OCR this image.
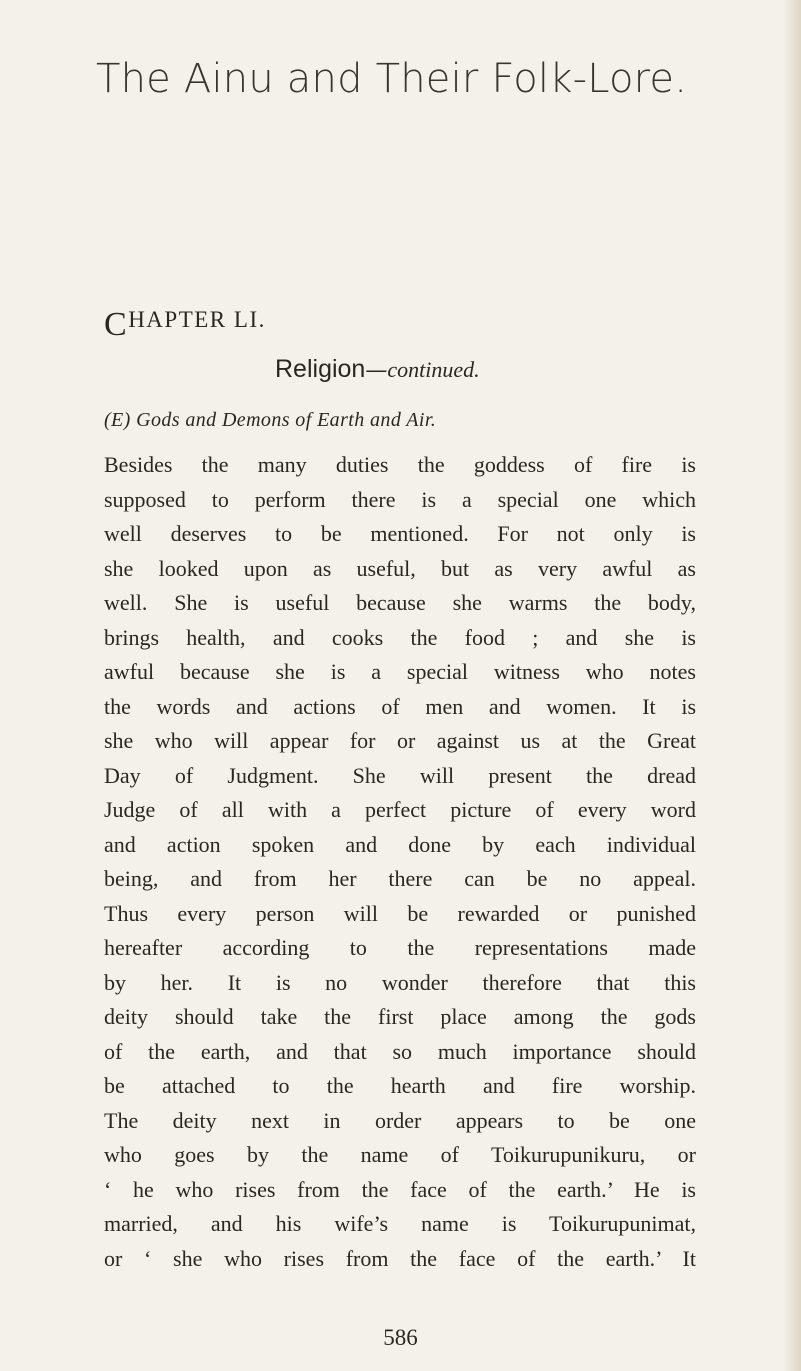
The Ainu and Their Folk-Lore.
CHAPTER LI.
Religion—continued.
(E) Gods and Demons of Earth and Air.
Besides the many duties the goddess of fire is
supposed to perform there is a special one which
well deserves to be mentioned. For not only is
she looked upon as useful, but as very awful as
well. She is useful because she warms the body,
brings health, and cooks the food ; and she is
awful because she is a special witness who notes
the words and actions of men and women. It is
she who will appear for or against us at the Great
Day of Judgment. She will present the dread
Judge of all with a perfect picture of every word
and action spoken and done by each individual
being, and from her there can be no appeal.
Thus every person will be rewarded or punished
hereafter according to the representations made
by her. It is no wonder therefore that this
deity should take the first place among the gods
of the earth, and that so much importance should
be attached to the hearth and fire worship.
The deity next in order appears to be one
who goes by the name of Toikurupunikuru, or
‘ he who rises from the face of the earth.’ He is
married, and his wife’s name is Toikurupunimat,
or ‘ she who rises from the face of the earth.’ It
586
